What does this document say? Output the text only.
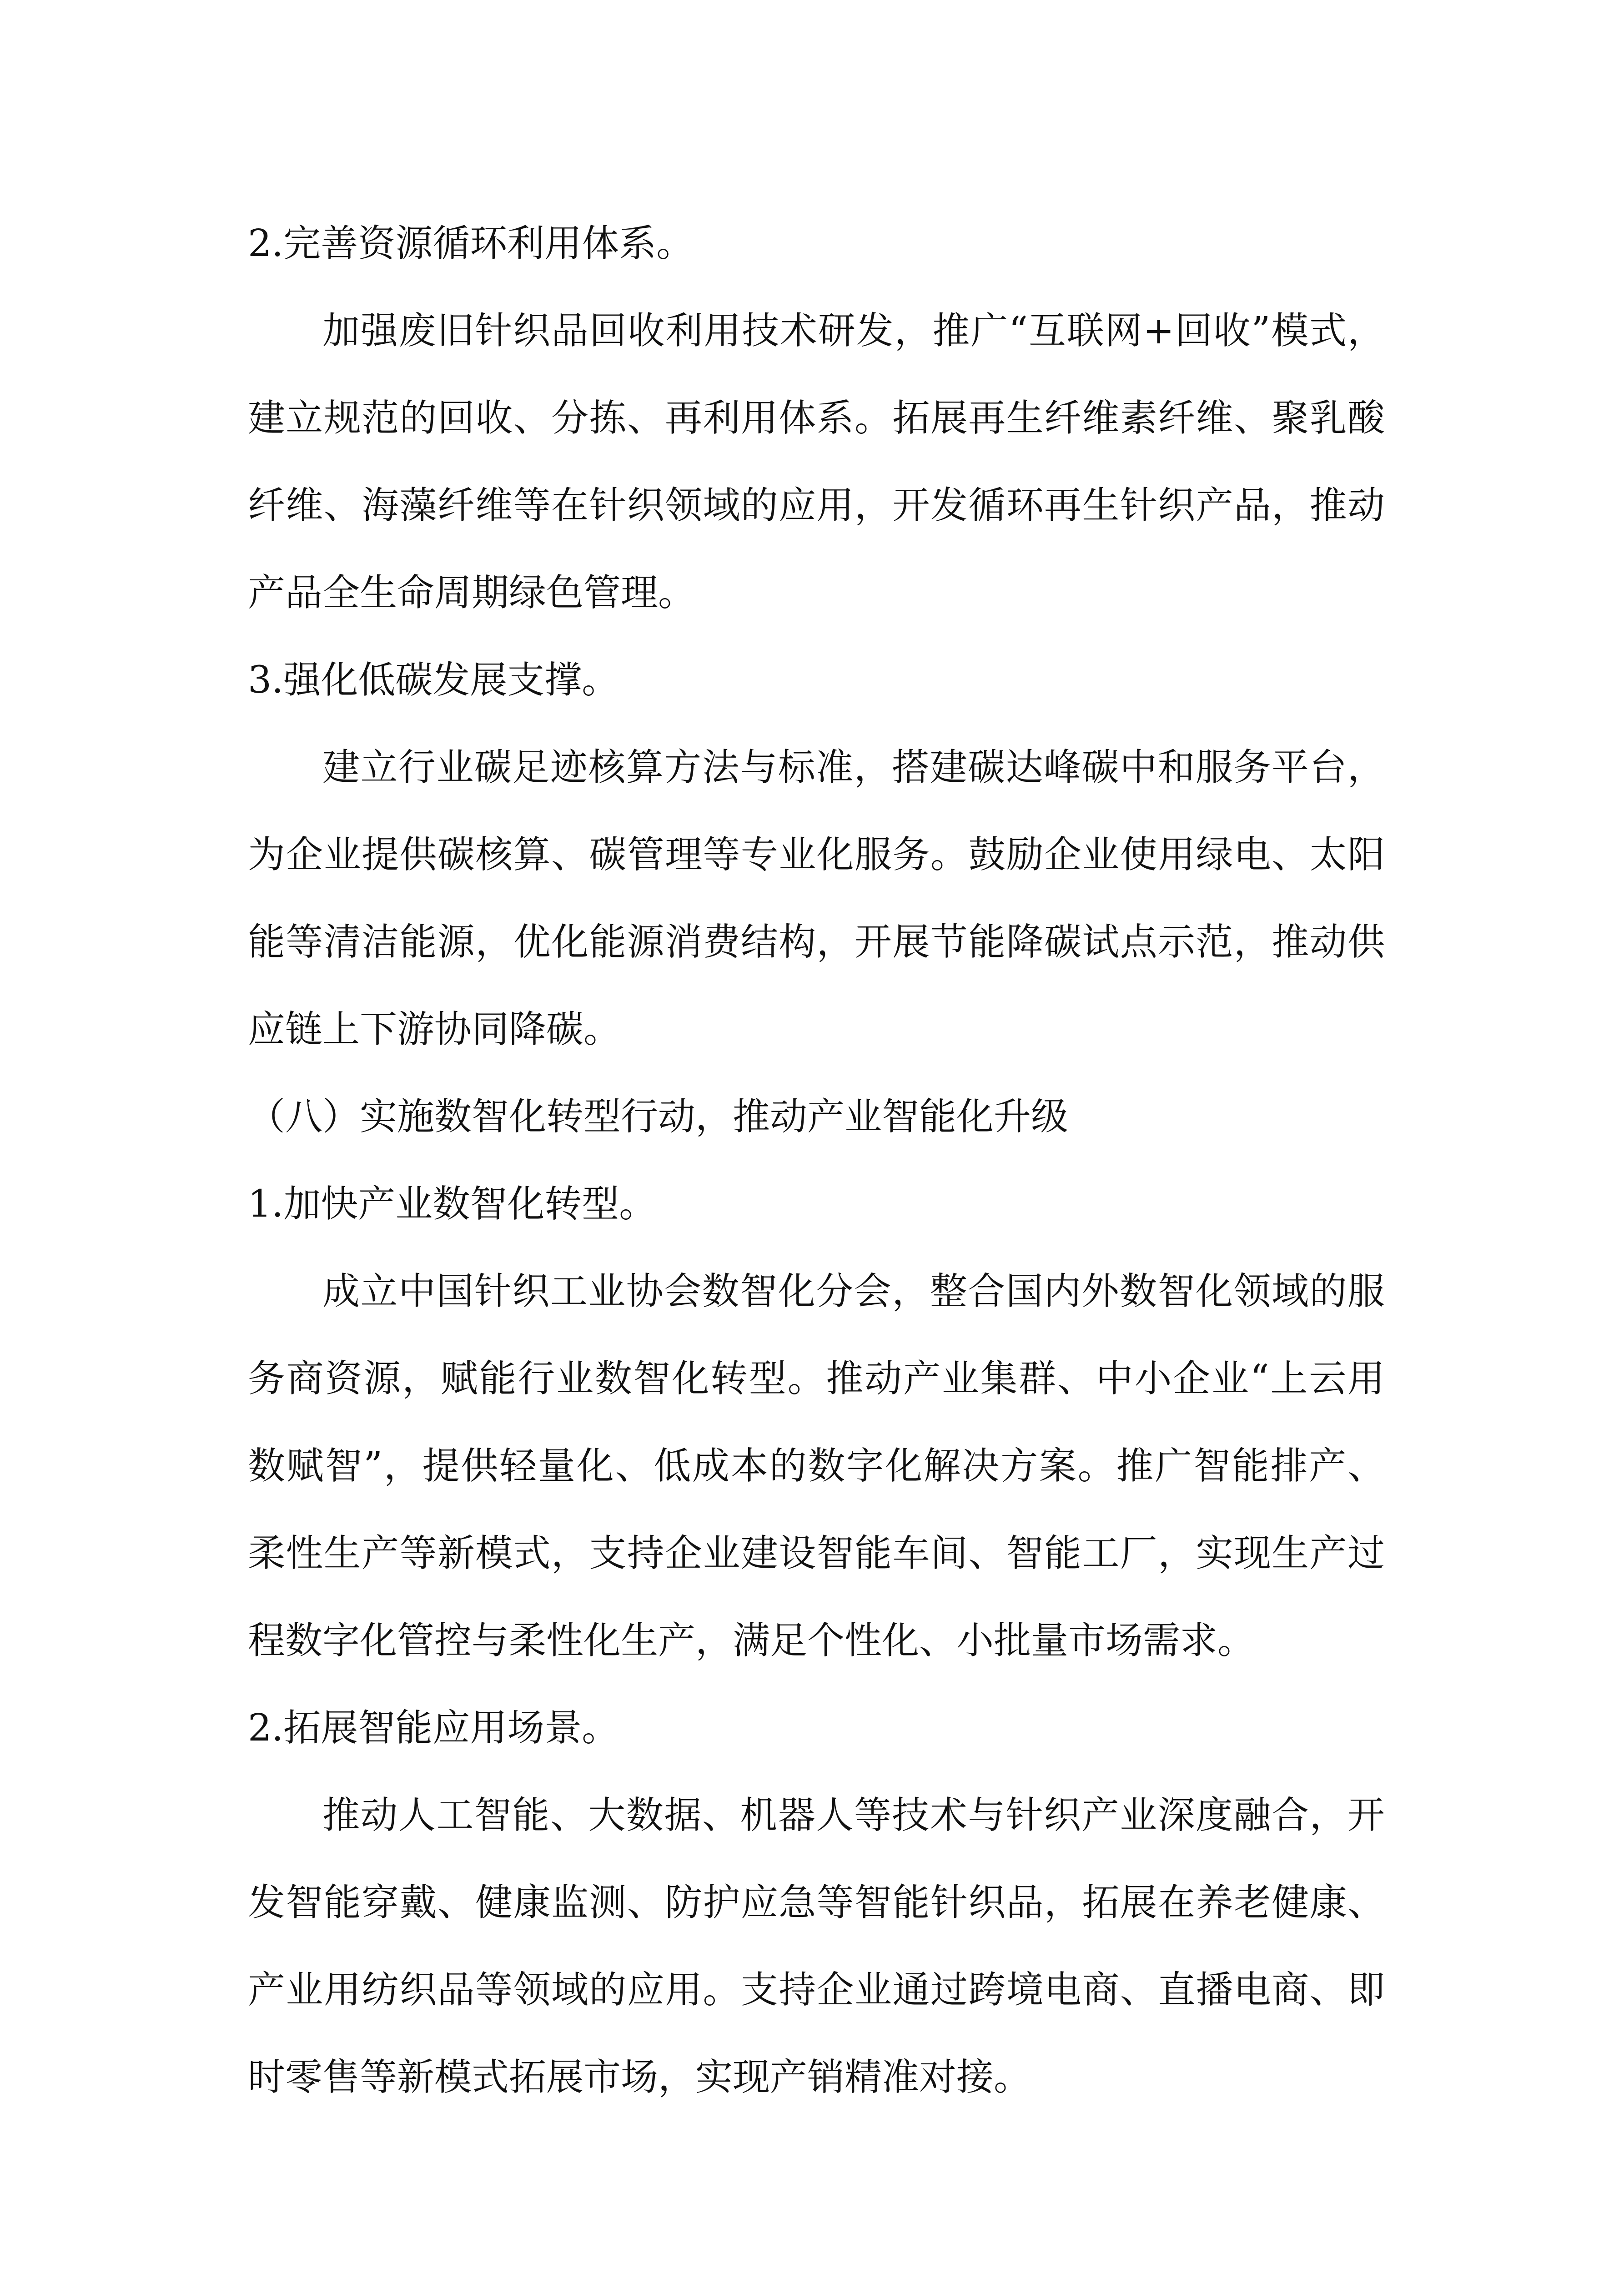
2.完善资源循环利用体系。
加强废旧针织品回收利用技术研发，推广“互联网+回收”模式，
建立规范的回收、分拣、再利用体系。拓展再生纤维素纤维、聚乳酸
纤维、海藻纤维等在针织领域的应用，开发循环再生针织产品，推动
产品全生命周期绿色管理。
3.强化低碳发展支撑。
建立行业碳足迹核算方法与标准，搭建碳达峰碳中和服务平台，
为企业提供碳核算、碳管理等专业化服务。鼓励企业使用绿电、太阳
能等清洁能源，优化能源消费结构，开展节能降碳试点示范，推动供
应链上下游协同降碳。
（八）实施数智化转型行动，推动产业智能化升级
1.加快产业数智化转型。
成立中国针织工业协会数智化分会，整合国内外数智化领域的服
务商资源，赋能行业数智化转型。推动产业集群、中小企业“上云用
数赋智”，提供轻量化、低成本的数字化解决方案。推广智能排产、
柔性生产等新模式，支持企业建设智能车间、智能工厂，实现生产过
程数字化管控与柔性化生产，满足个性化、小批量市场需求。
2.拓展智能应用场景。
推动人工智能、大数据、机器人等技术与针织产业深度融合，开
发智能穿戴、健康监测、防护应急等智能针织品，拓展在养老健康、
产业用纺织品等领域的应用。支持企业通过跨境电商、直播电商、即
时零售等新模式拓展市场，实现产销精准对接。
